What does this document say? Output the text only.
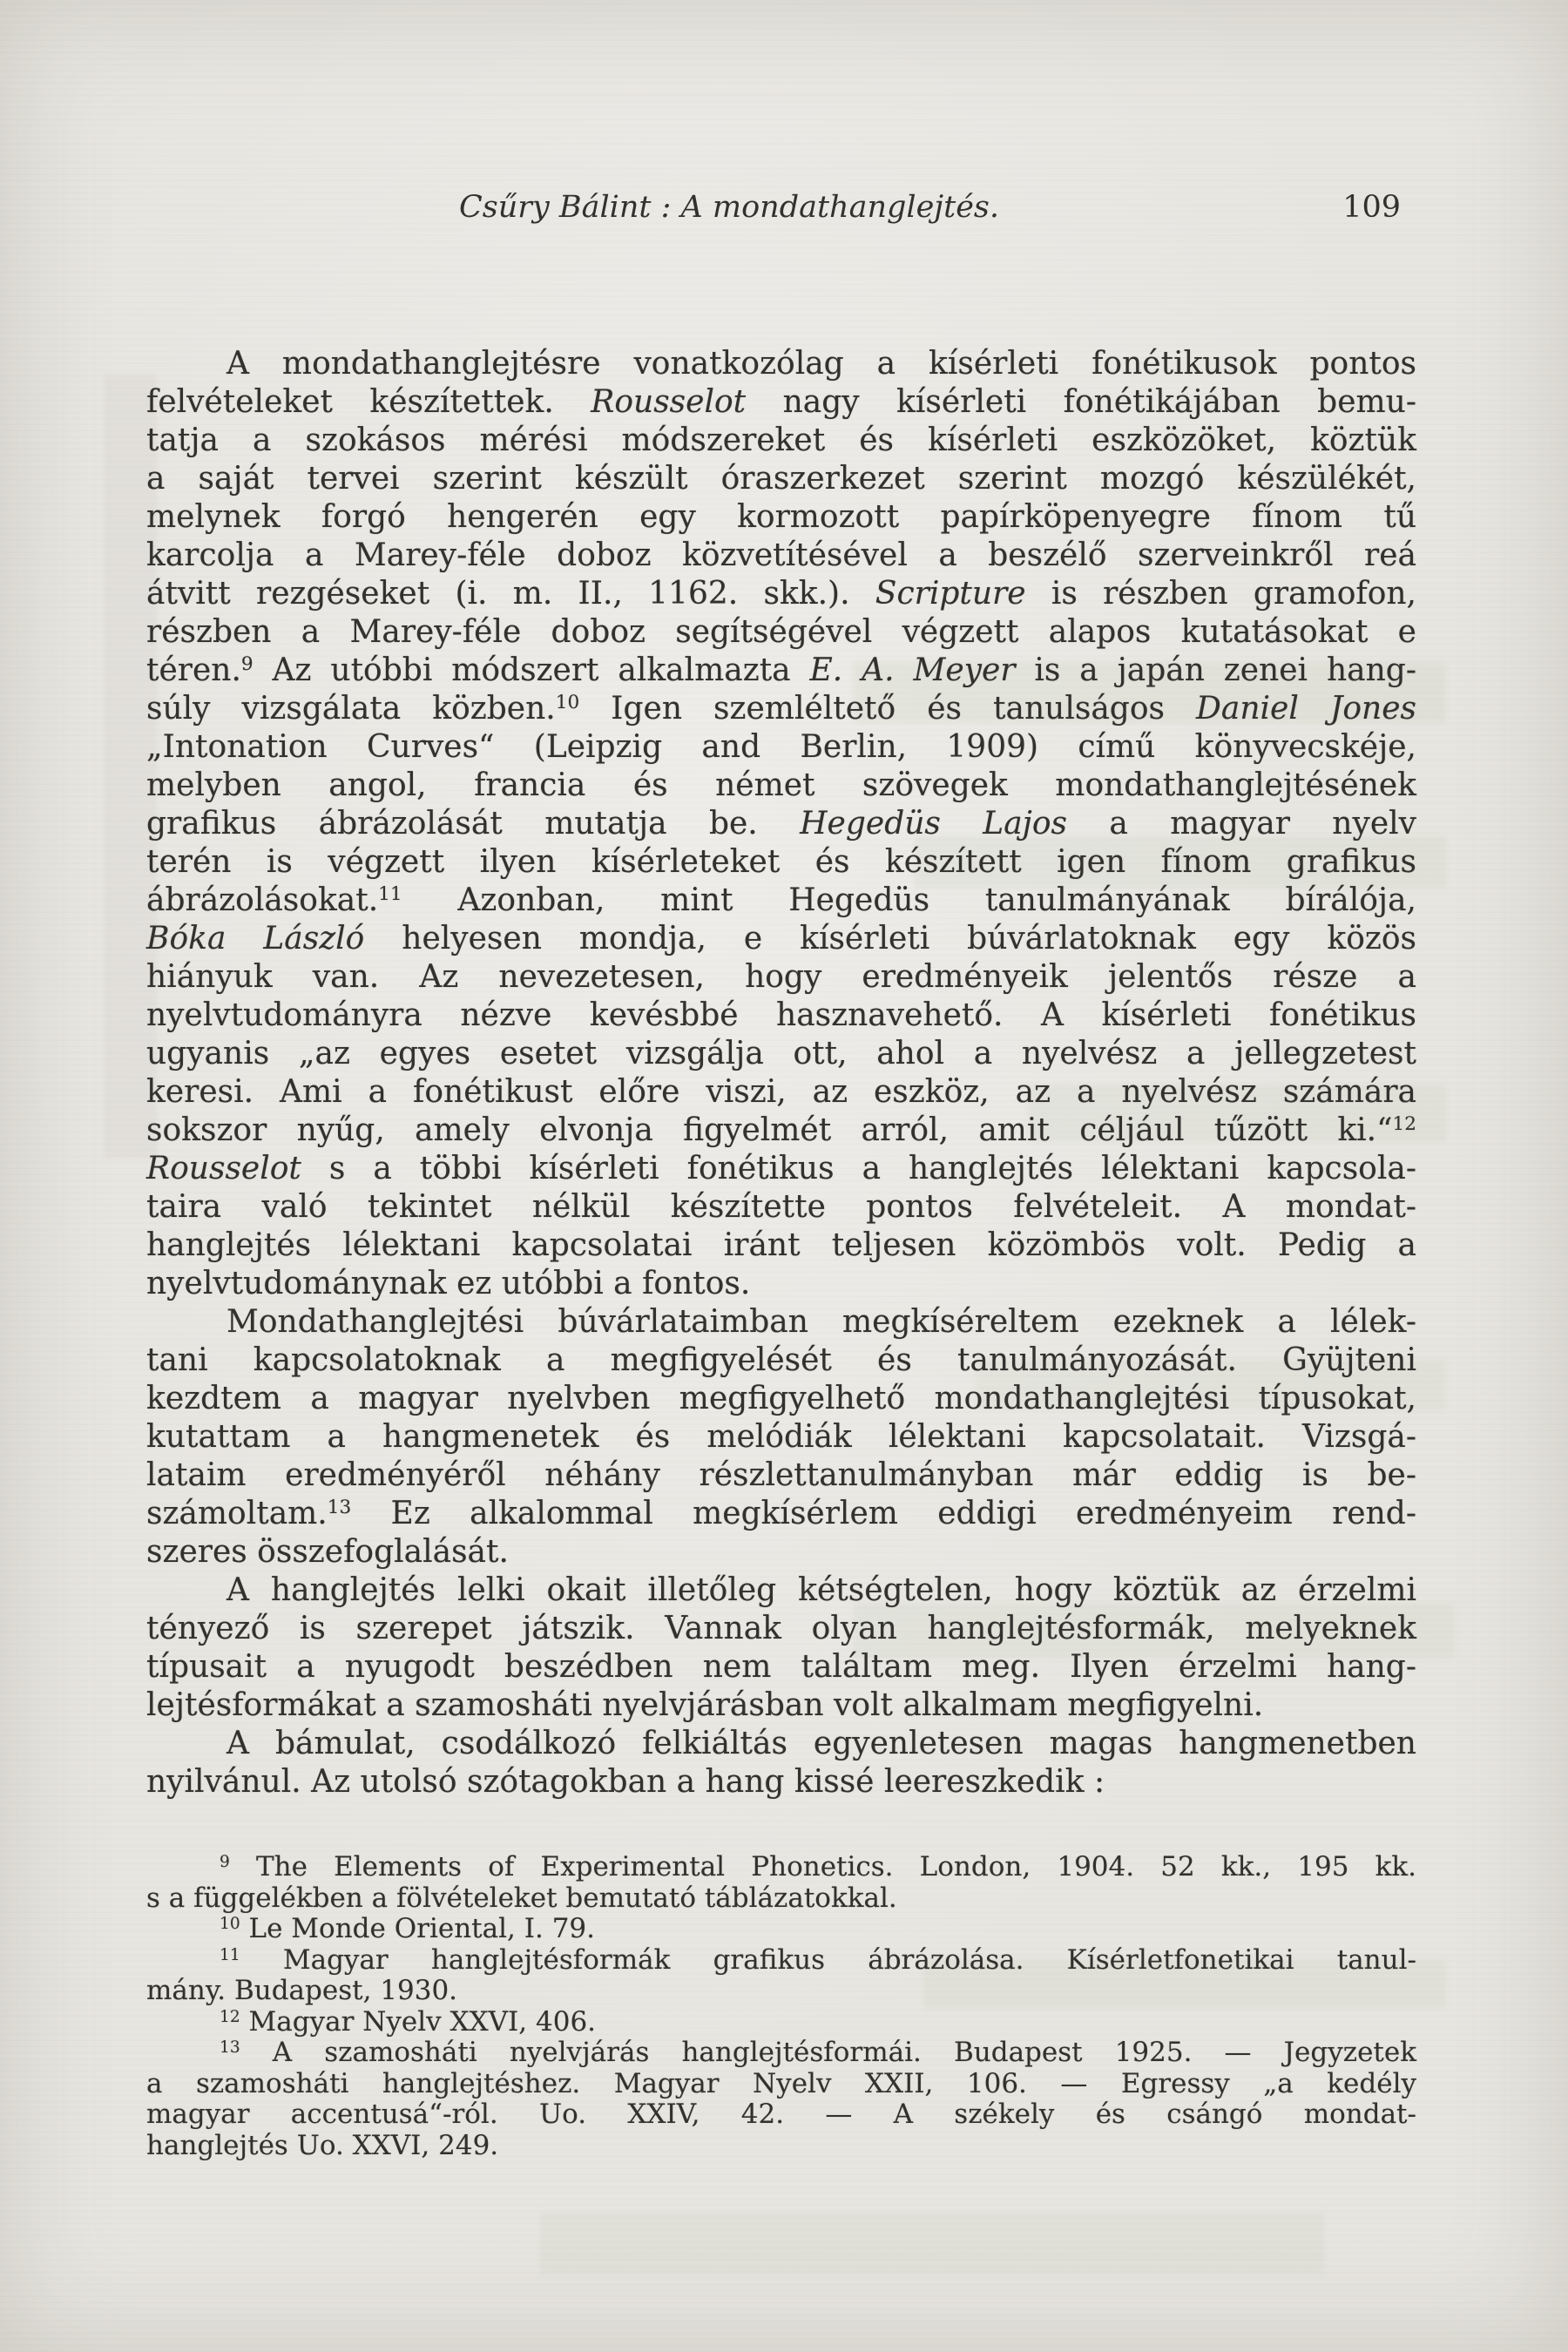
Csűry Bálint : A mondathanglejtés.	109
A mondathanglejtésre vonatkozólag a kísérleti fonétikusok pontos
felvételeket készítettek. Rousselot nagy kísérleti fonétikájában bemu-
tatja a szokásos mérési módszereket és kísérleti eszközöket, köztük
a saját tervei szerint készült óraszerkezet szerint mozgó készülékét,
melynek forgó hengerén egy kormozott papírköpenyegre fínom tű
karcolja a Marey-féle doboz közvetítésével a beszélő szerveinkről reá
átvitt rezgéseket (i. m. II., 1162. skk.). Scripture is részben gramofon,
részben a Marey-féle doboz segítségével végzett alapos kutatásokat e
téren.9 Az utóbbi módszert alkalmazta E. A. Meyer is a japán zenei hang-
súly vizsgálata közben.10 Igen szemléltető és tanulságos Daniel Jones
„Intonation Curves“ (Leipzig and Berlin, 1909) című könyvecskéje,
melyben angol, francia és német szövegek mondathanglejtésének
grafikus ábrázolását mutatja be. Hegedüs Lajos a magyar nyelv
terén is végzett ilyen kísérleteket és készített igen fínom grafikus
ábrázolásokat.11 Azonban, mint Hegedüs tanulmányának bírálója,
Bóka László helyesen mondja, e kísérleti búvárlatoknak egy közös
hiányuk van. Az nevezetesen, hogy eredményeik jelentős része a
nyelvtudományra nézve kevésbbé hasznavehető. A kísérleti fonétikus
ugyanis „az egyes esetet vizsgálja ott, ahol a nyelvész a jellegzetest
keresi. Ami a fonétikust előre viszi, az eszköz, az a nyelvész számára
sokszor nyűg, amely elvonja figyelmét arról, amit céljául tűzött ki.“12
Rousselot s a többi kísérleti fonétikus a hanglejtés lélektani kapcsola-
taira való tekintet nélkül készítette pontos felvételeit. A mondat-
hanglejtés lélektani kapcsolatai iránt teljesen közömbös volt. Pedig a
nyelvtudománynak ez utóbbi a fontos.
Mondathanglejtési búvárlataimban megkíséreltem ezeknek a lélek-
tani kapcsolatoknak a megfigyelését és tanulmányozását. Gyüjteni
kezdtem a magyar nyelvben megfigyelhető mondathanglejtési típusokat,
kutattam a hangmenetek és melódiák lélektani kapcsolatait. Vizsgá-
lataim eredményéről néhány részlettanulmányban már eddig is be-
számoltam.13 Ez alkalommal megkísérlem eddigi eredményeim rend-
szeres összefoglalását.
A hanglejtés lelki okait illetőleg kétségtelen, hogy köztük az érzelmi
tényező is szerepet játszik. Vannak olyan hanglejtésformák, melyeknek
típusait a nyugodt beszédben nem találtam meg. Ilyen érzelmi hang-
lejtésformákat a szamosháti nyelvjárásban volt alkalmam megfigyelni.
A bámulat, csodálkozó felkiáltás egyenletesen magas hangmenetben
nyilvánul. Az utolsó szótagokban a hang kissé leereszkedik :
9 The Elements of Experimental Phonetics. London, 1904. 52 kk., 195 kk.
s a függelékben a fölvételeket bemutató táblázatokkal.
10 Le Monde Oriental, I. 79.
11 Magyar hanglejtésformák grafikus ábrázolása. Kísérletfonetikai tanul-
mány. Budapest, 1930.
12 Magyar Nyelv XXVI, 406.
13 A szamosháti nyelvjárás hanglejtésformái. Budapest 1925. — Jegyzetek
a szamosháti hanglejtéshez. Magyar Nyelv XXII, 106. — Egressy „a kedély
magyar accentusá“-ról. Uo. XXIV, 42. — A székely és csángó mondat-
hanglejtés Uo. XXVI, 249.
